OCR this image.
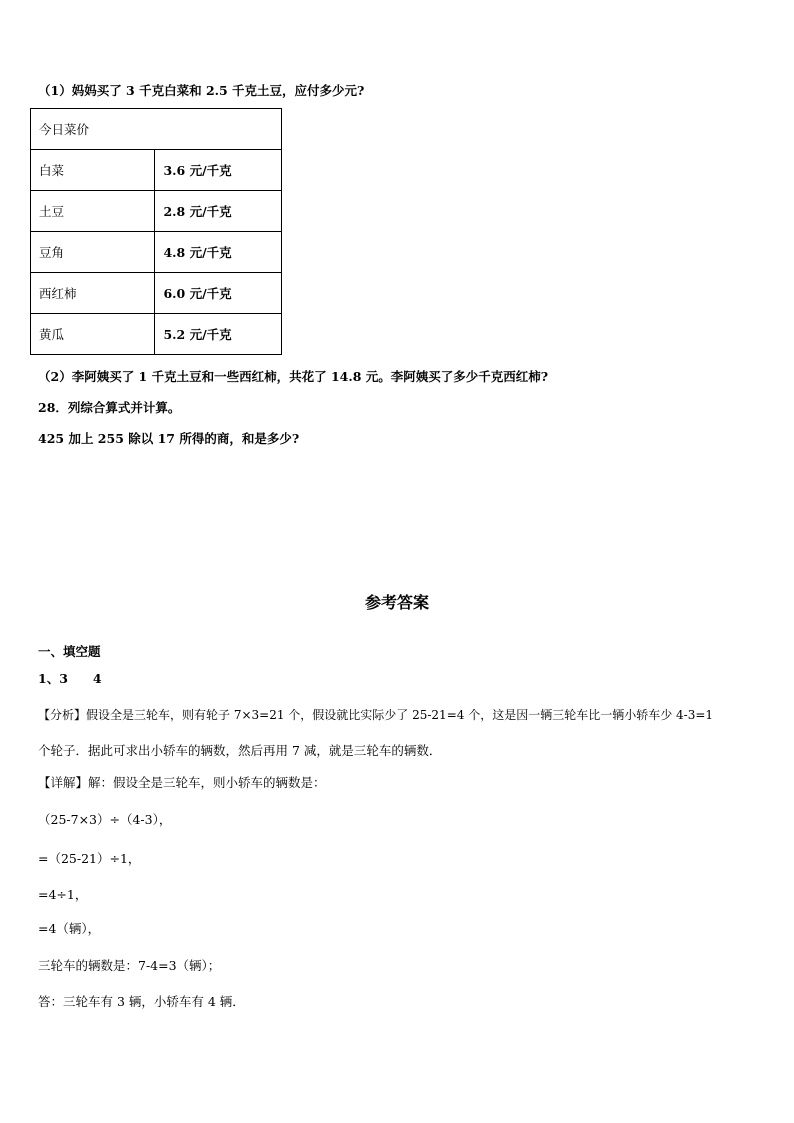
（1）妈妈买了 3 千克白菜和 2.5 千克土豆，应付多少元?
今日菜价	
白菜	3.6 元/千克
土豆	2.8 元/千克
豆角	4.8 元/千克
西红柿	6.0 元/千克
黄瓜	5.2 元/千克
（2）李阿姨买了 1 千克土豆和一些西红柿，共花了 14.8 元。李阿姨买了多少千克西红柿?
28．列综合算式并计算。
425 加上 255 除以 17 所得的商，和是多少?
参考答案
一、填空题
1、3　　4
【分析】假设全是三轮车，则有轮子 7×3=21 个，假设就比实际少了 25-21=4 个，这是因一辆三轮车比一辆小轿车少 4-3=1
个轮子．据此可求出小轿车的辆数，然后再用 7 减，就是三轮车的辆数．
【详解】解：假设全是三轮车，则小轿车的辆数是：
（25-7×3）÷（4-3），
=（25-21）÷1，
=4÷1，
=4（辆），
三轮车的辆数是：7-4=3（辆）；
答：三轮车有 3 辆，小轿车有 4 辆．
